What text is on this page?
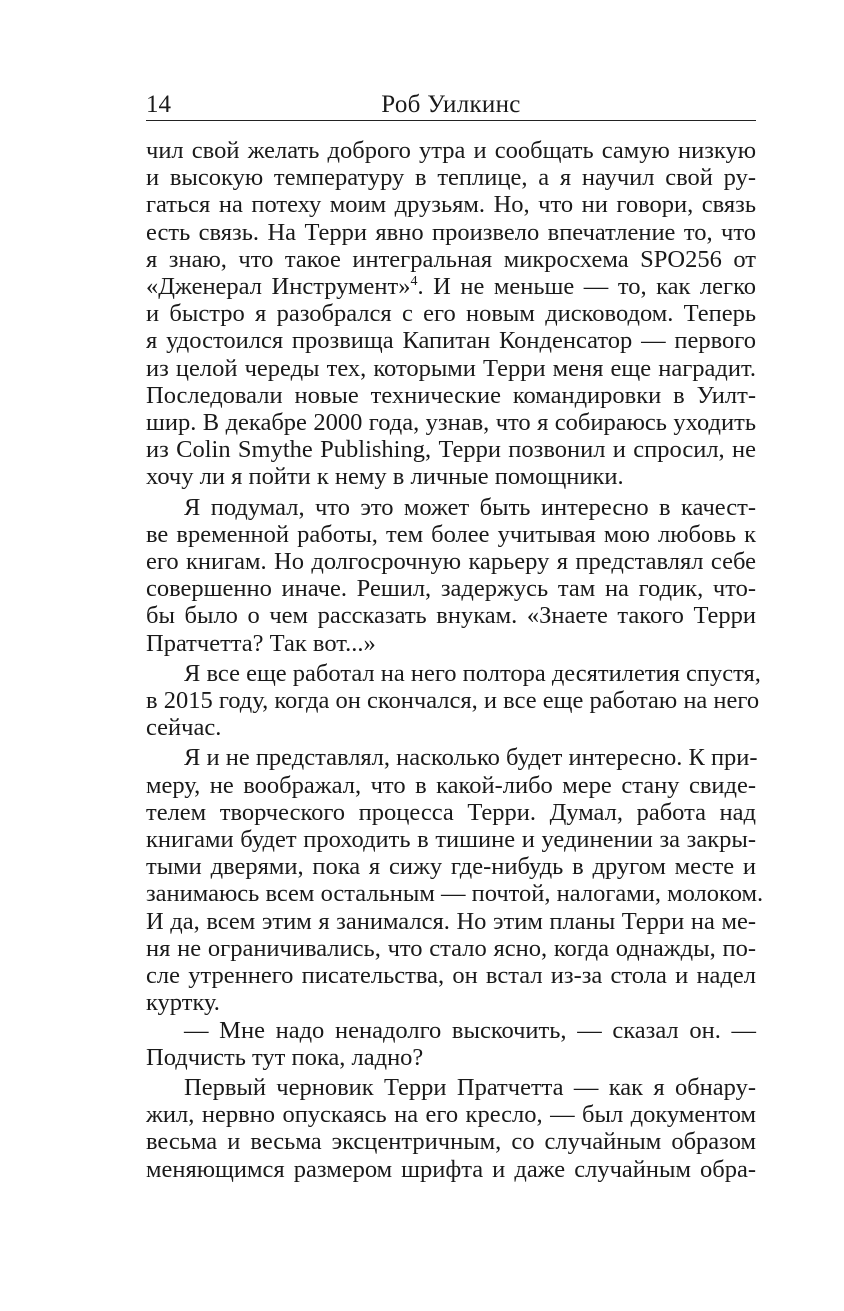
14	Роб Уилкинс
чил свой желать доброго утра и сообщать самую низкую
и высокую температуру в теплице, а я научил свой ру-
гаться на потеху моим друзьям. Но, что ни говори, связь
есть связь. На Терри явно произвело впечатление то, что
я знаю, что такое интегральная микросхема SPO256 от
«Дженерал Инструмент»$^4$. И не меньше — то, как легко
и быстро я разобрался с его новым дисководом. Теперь
я удостоился прозвища Капитан Конденсатор — первого
из целой череды тех, которыми Терри меня еще наградит.
Последовали новые технические командировки в Уилт-
шир. В декабре 2000 года, узнав, что я собираюсь уходить
из Colin Smythe Publishing, Терри позвонил и спросил, не
хочу ли я пойти к нему в личные помощники.
Я подумал, что это может быть интересно в качест-
ве временной работы, тем более учитывая мою любовь к
его книгам. Но долгосрочную карьеру я представлял себе
совершенно иначе. Решил, задержусь там на годик, что-
бы было о чем рассказать внукам. «Знаете такого Терри
Пратчетта? Так вот...»
Я все еще работал на него полтора десятилетия спустя,
в 2015 году, когда он скончался, и все еще работаю на него
сейчас.
Я и не представлял, насколько будет интересно. К при-
меру, не воображал, что в какой-либо мере стану свиде-
телем творческого процесса Терри. Думал, работа над
книгами будет проходить в тишине и уединении за закры-
тыми дверями, пока я сижу где-нибудь в другом месте и
занимаюсь всем остальным — почтой, налогами, молоком.
И да, всем этим я занимался. Но этим планы Терри на ме-
ня не ограничивались, что стало ясно, когда однажды, по-
сле утреннего писательства, он встал из-за стола и надел
куртку.
— Мне надо ненадолго выскочить, — сказал он. —
Подчисть тут пока, ладно?
Первый черновик Терри Пратчетта — как я обнару-
жил, нервно опускаясь на его кресло, — был документом
весьма и весьма эксцентричным, со случайным образом
меняющимся размером шрифта и даже случайным обра-
